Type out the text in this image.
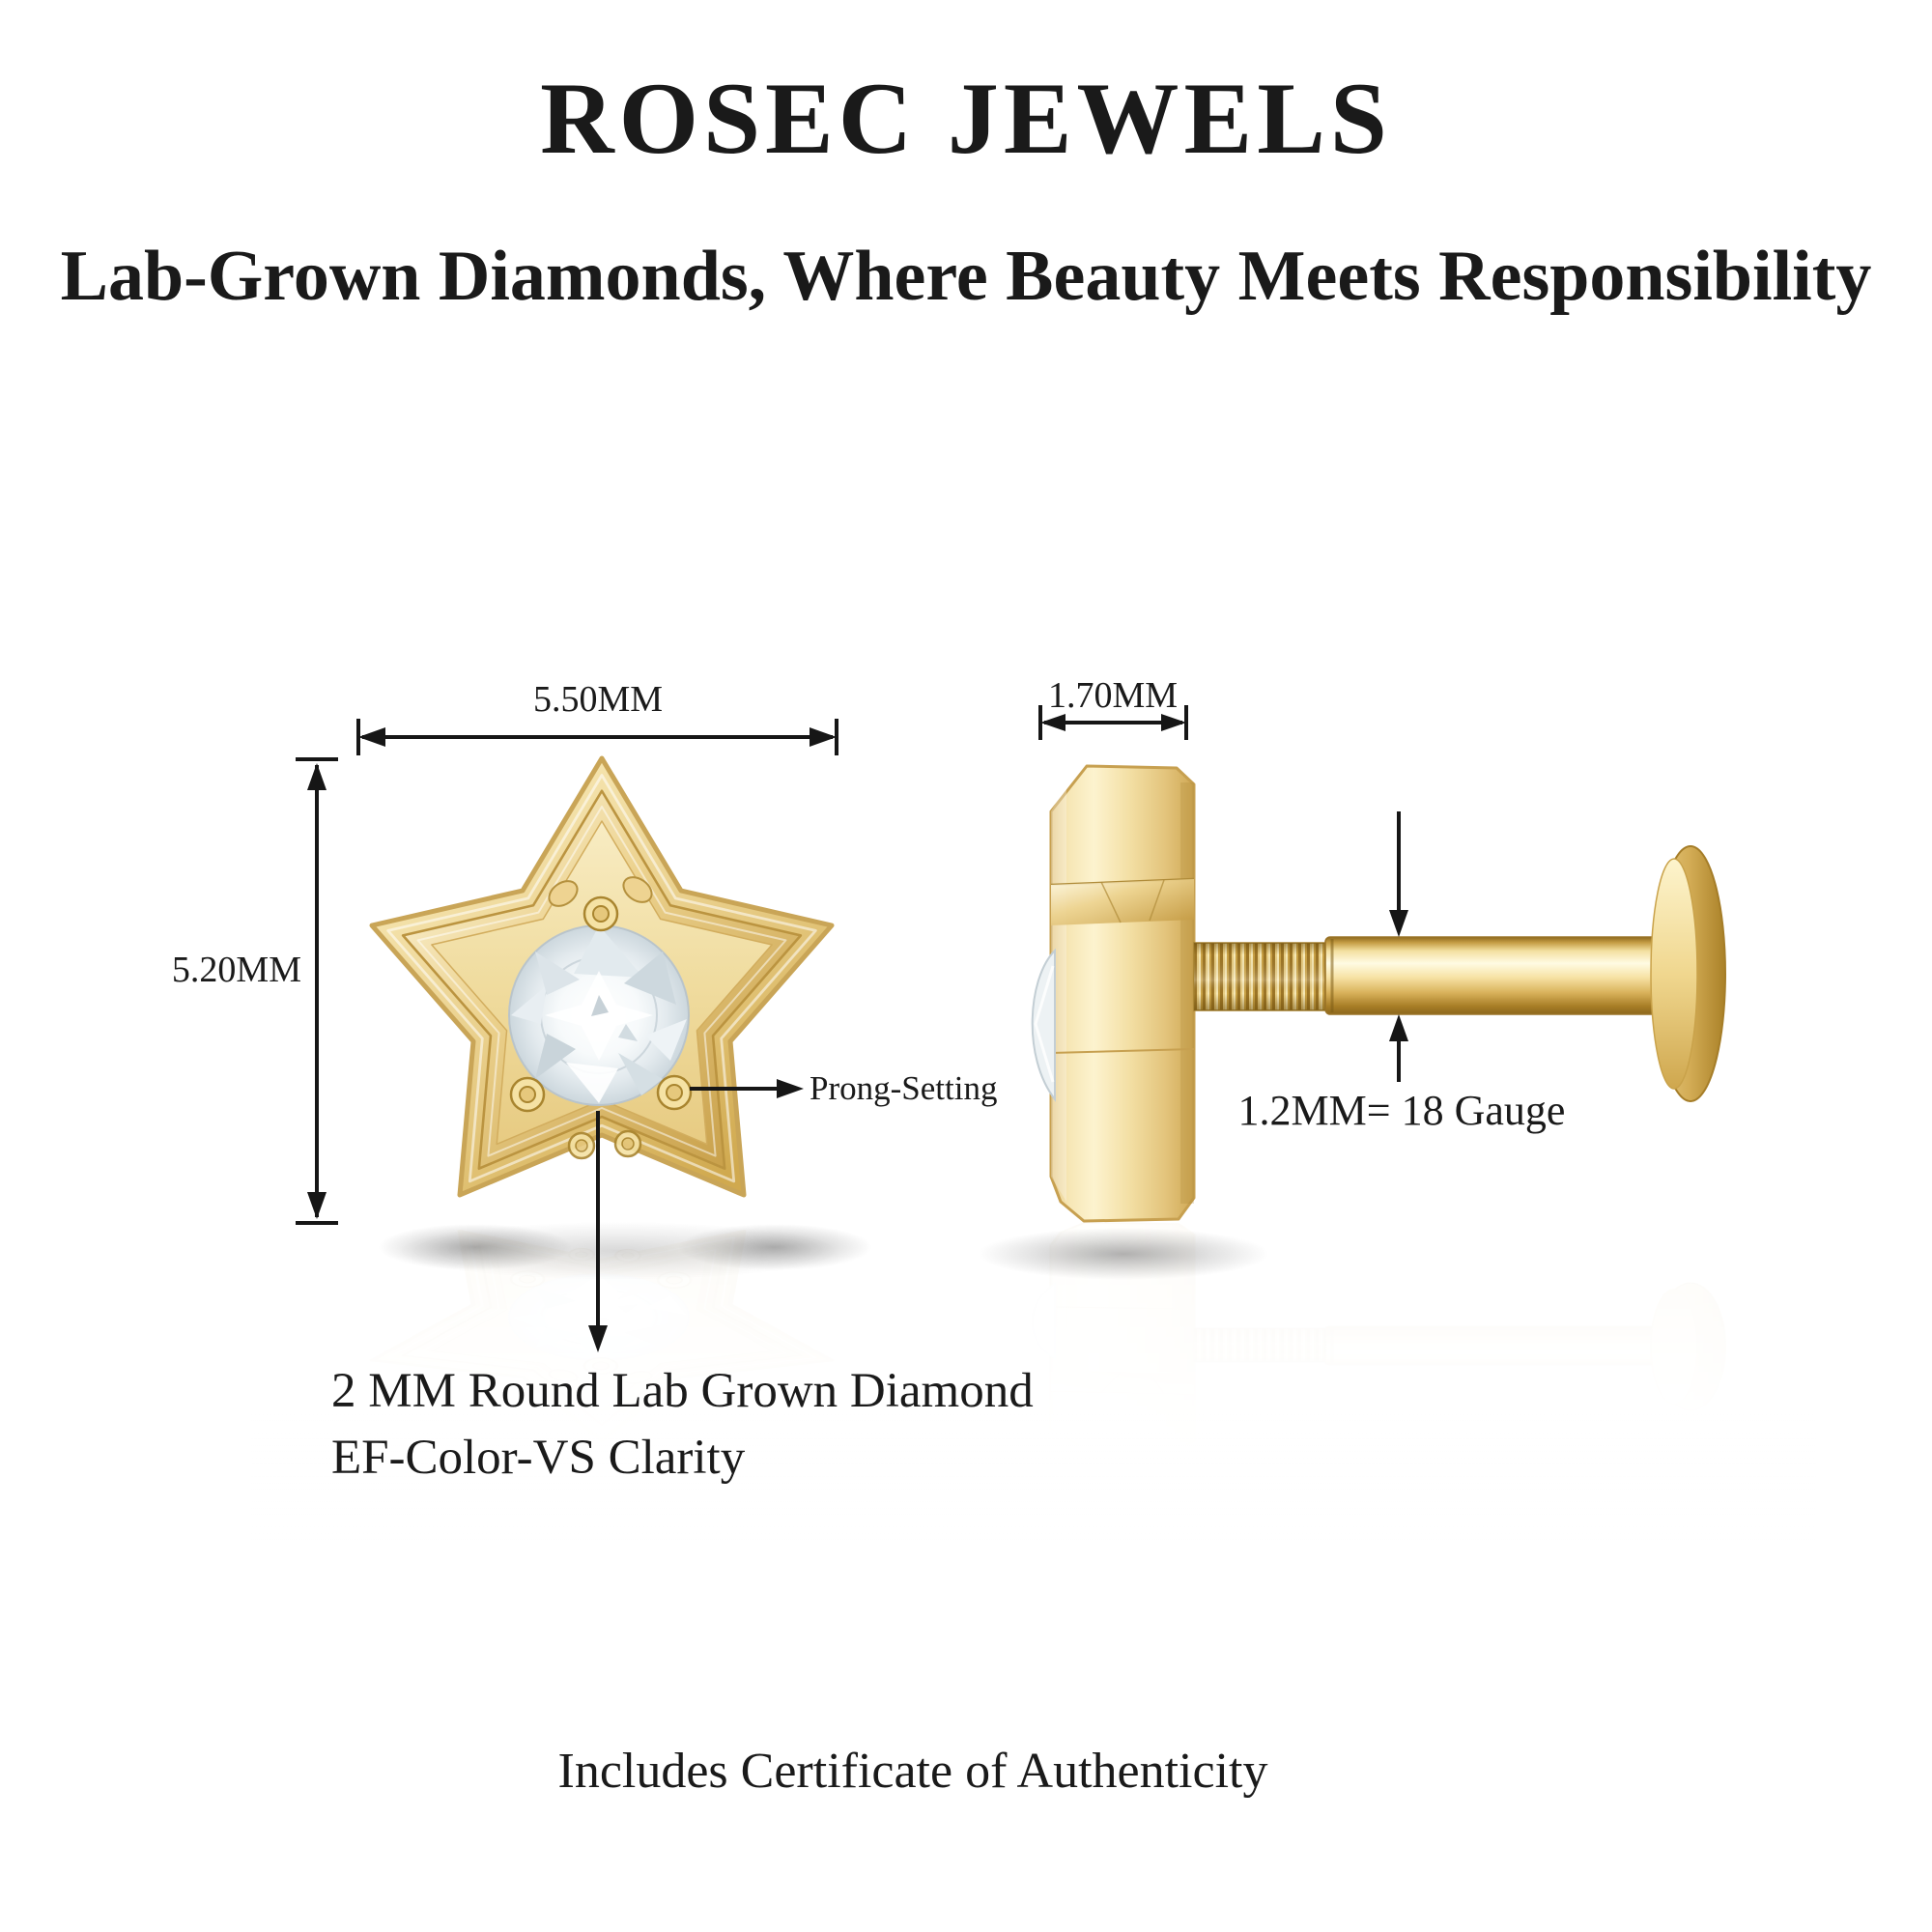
ROSEC JEWELS
Lab-Grown Diamonds, Where Beauty Meets Responsibility
5.50MM
5.20MM
1.70MM
Prong-Setting	1.2MM= 18 Gauge
2 MM Round Lab Grown Diamond
EF-Color-VS Clarity
Includes Certificate of Authenticity
